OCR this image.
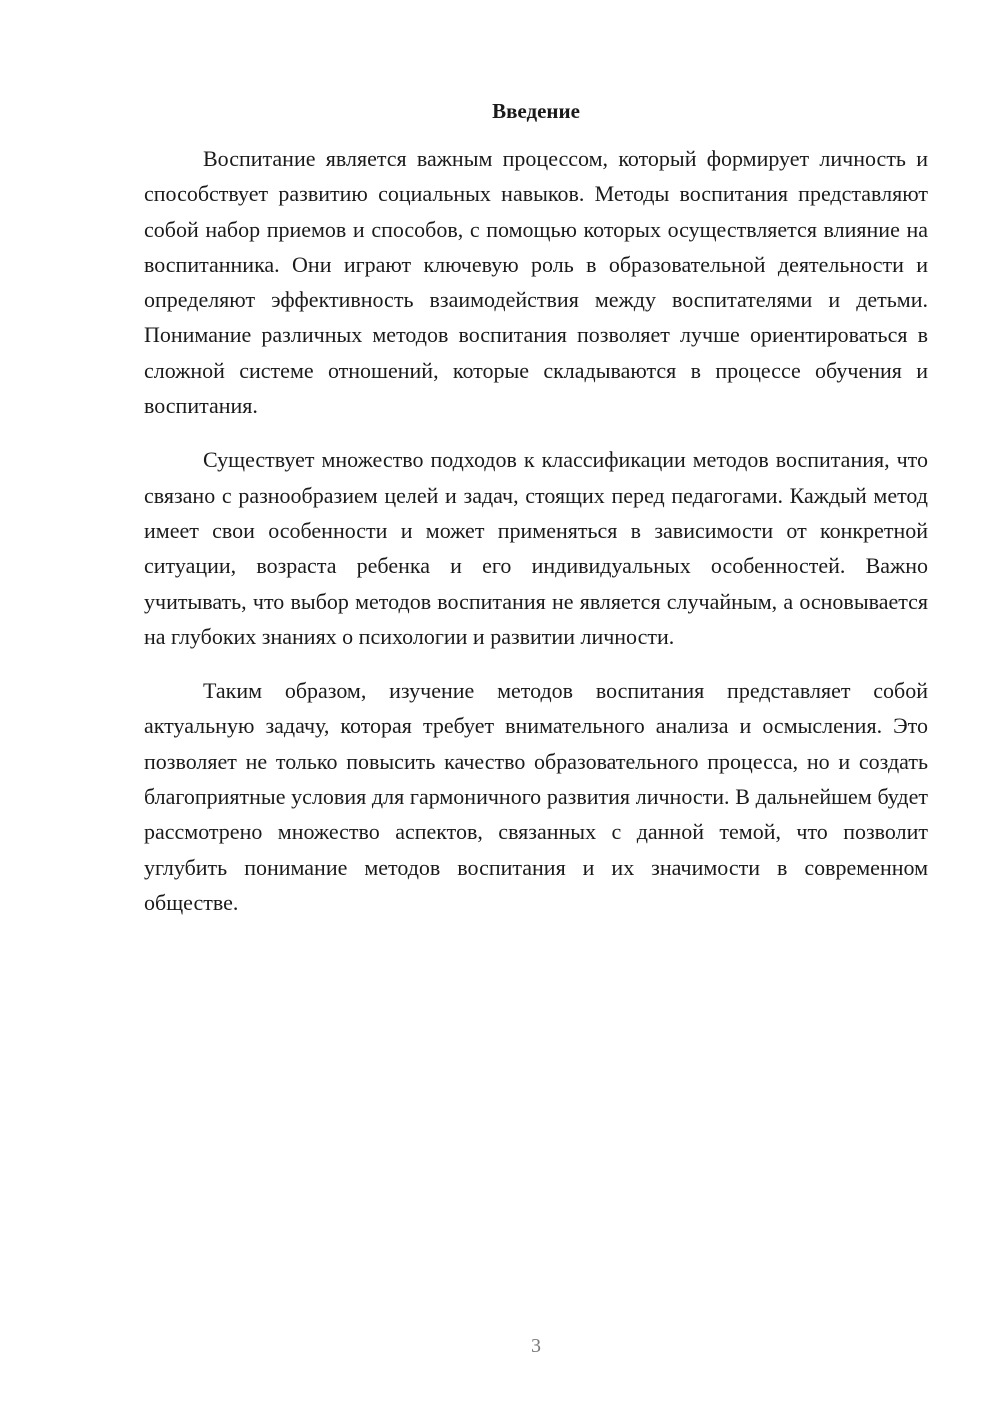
Введение

Воспитание является важным процессом, который формирует личность и способствует развитию социальных навыков. Методы воспитания представляют собой набор приемов и способов, с помощью которых осуществляется влияние на воспитанника. Они играют ключевую роль в образовательной деятельности и определяют эффективность взаимодействия между воспитателями и детьми. Понимание различных методов воспитания позволяет лучше ориентироваться в сложной системе отношений, которые складываются в процессе обучения и воспитания.

Существует множество подходов к классификации методов воспитания, что связано с разнообразием целей и задач, стоящих перед педагогами. Каждый метод имеет свои особенности и может применяться в зависимости от конкретной ситуации, возраста ребенка и его индивидуальных особенностей. Важно учитывать, что выбор методов воспитания не является случайным, а основывается на глубоких знаниях о психологии и развитии личности.

Таким образом, изучение методов воспитания представляет собой актуальную задачу, которая требует внимательного анализа и осмысления. Это позволяет не только повысить качество образовательного процесса, но и создать благоприятные условия для гармоничного развития личности. В дальнейшем будет рассмотрено множество аспектов, связанных с данной темой, что позволит углубить понимание методов воспитания и их значимости в современном обществе.

3
